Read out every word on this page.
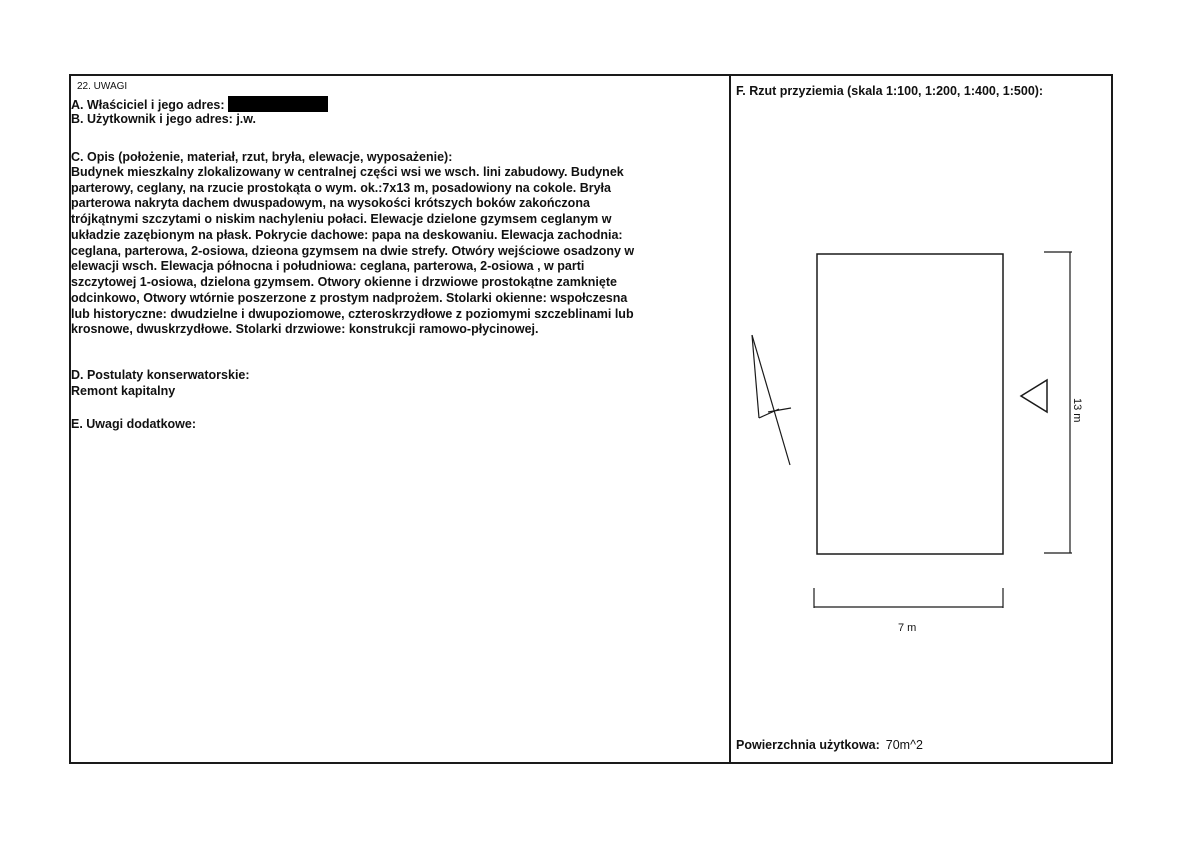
22. UWAGI
A. Właściciel i jego adres:
B. Użytkownik i jego adres: j.w.
C. Opis (położenie, materiał, rzut, bryła, elewacje, wyposażenie):
Budynek mieszkalny zlokalizowany w centralnej części wsi we wsch. lini zabudowy. Budynek
parterowy, ceglany, na rzucie prostokąta o wym. ok.:7x13 m, posadowiony na cokole. Bryła
parterowa nakryta dachem dwuspadowym, na wysokości krótszych boków zakończona
trójkątnymi szczytami o niskim nachyleniu połaci. Elewacje dzielone gzymsem ceglanym w
układzie zazębionym na płask. Pokrycie dachowe: papa na deskowaniu. Elewacja zachodnia:
ceglana, parterowa, 2-osiowa, dzieona gzymsem na dwie strefy. Otwóry wejściowe osadzony w
elewacji wsch. Elewacja północna i południowa: ceglana, parterowa, 2-osiowa , w parti
szczytowej 1-osiowa, dzielona gzymsem. Otwory okienne i drzwiowe prostokątne zamknięte
odcinkowo, Otwory wtórnie poszerzone z prostym nadprożem. Stolarki okienne: wspołczesna
lub historyczne: dwudzielne i dwupoziomowe, czteroskrzydłowe z poziomymi szczeblinami lub
krosnowe, dwuskrzydłowe. Stolarki drzwiowe: konstrukcji ramowo-płycinowej.
D. Postulaty konserwatorskie:
Remont kapitalny
E. Uwagi dodatkowe:
F. Rzut przyziemia (skala 1:100, 1:200, 1:400, 1:500):
7 m
13 m
Powierzchnia użytkowa: 70m^2
